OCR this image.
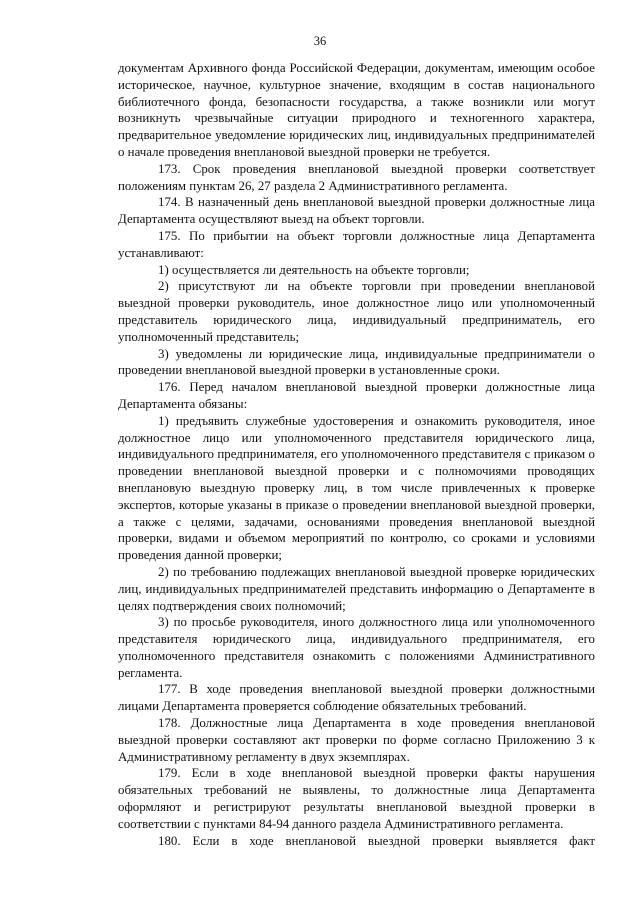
36

документам Архивного фонда Российской Федерации, документам, имеющим особое историческое, научное, культурное значение, входящим в состав национального библиотечного фонда, безопасности государства, а также возникли или могут возникнуть чрезвычайные ситуации природного и техногенного характера, предварительное уведомление юридических лиц, индивидуальных предпринимателей о начале проведения внеплановой выездной проверки не требуется.

173. Срок проведения внеплановой выездной проверки соответствует положениям пунктам 26, 27 раздела 2 Административного регламента.

174. В назначенный день внеплановой выездной проверки должностные лица Департамента осуществляют выезд на объект торговли.

175. По прибытии на объект торговли должностные лица Департамента устанавливают:

1) осуществляется ли деятельность на объекте торговли;

2) присутствуют ли на объекте торговли при проведении внеплановой выездной проверки руководитель, иное должностное лицо или уполномоченный представитель юридического лица, индивидуальный предприниматель, его уполномоченный представитель;

3) уведомлены ли юридические лица, индивидуальные предприниматели о проведении внеплановой выездной проверки в установленные сроки.

176. Перед началом внеплановой выездной проверки должностные лица Департамента обязаны:

1) предъявить служебные удостоверения и ознакомить руководителя, иное должностное лицо или уполномоченного представителя юридического лица, индивидуального предпринимателя, его уполномоченного представителя с приказом о проведении внеплановой выездной проверки и с полномочиями проводящих внеплановую выездную проверку лиц, в том числе привлеченных к проверке экспертов, которые указаны в приказе о проведении внеплановой выездной проверки, а также с целями, задачами, основаниями проведения внеплановой выездной проверки, видами и объемом мероприятий по контролю, со сроками и условиями проведения данной проверки;

2) по требованию подлежащих внеплановой выездной проверке юридических лиц, индивидуальных предпринимателей представить информацию о Департаменте в целях подтверждения своих полномочий;

3) по просьбе руководителя, иного должностного лица или уполномоченного представителя юридического лица, индивидуального предпринимателя, его уполномоченного представителя ознакомить с положениями Административного регламента.

177. В ходе проведения внеплановой выездной проверки должностными лицами Департамента проверяется соблюдение обязательных требований.

178. Должностные лица Департамента в ходе проведения внеплановой выездной проверки составляют акт проверки по форме согласно Приложению 3 к Административному регламенту в двух экземплярах.

179. Если в ходе внеплановой выездной проверки факты нарушения обязательных требований не выявлены, то должностные лица Департамента оформляют и регистрируют результаты внеплановой выездной проверки в соответствии с пунктами 84-94 данного раздела Административного регламента.

180. Если в ходе внеплановой выездной проверки выявляется факт
